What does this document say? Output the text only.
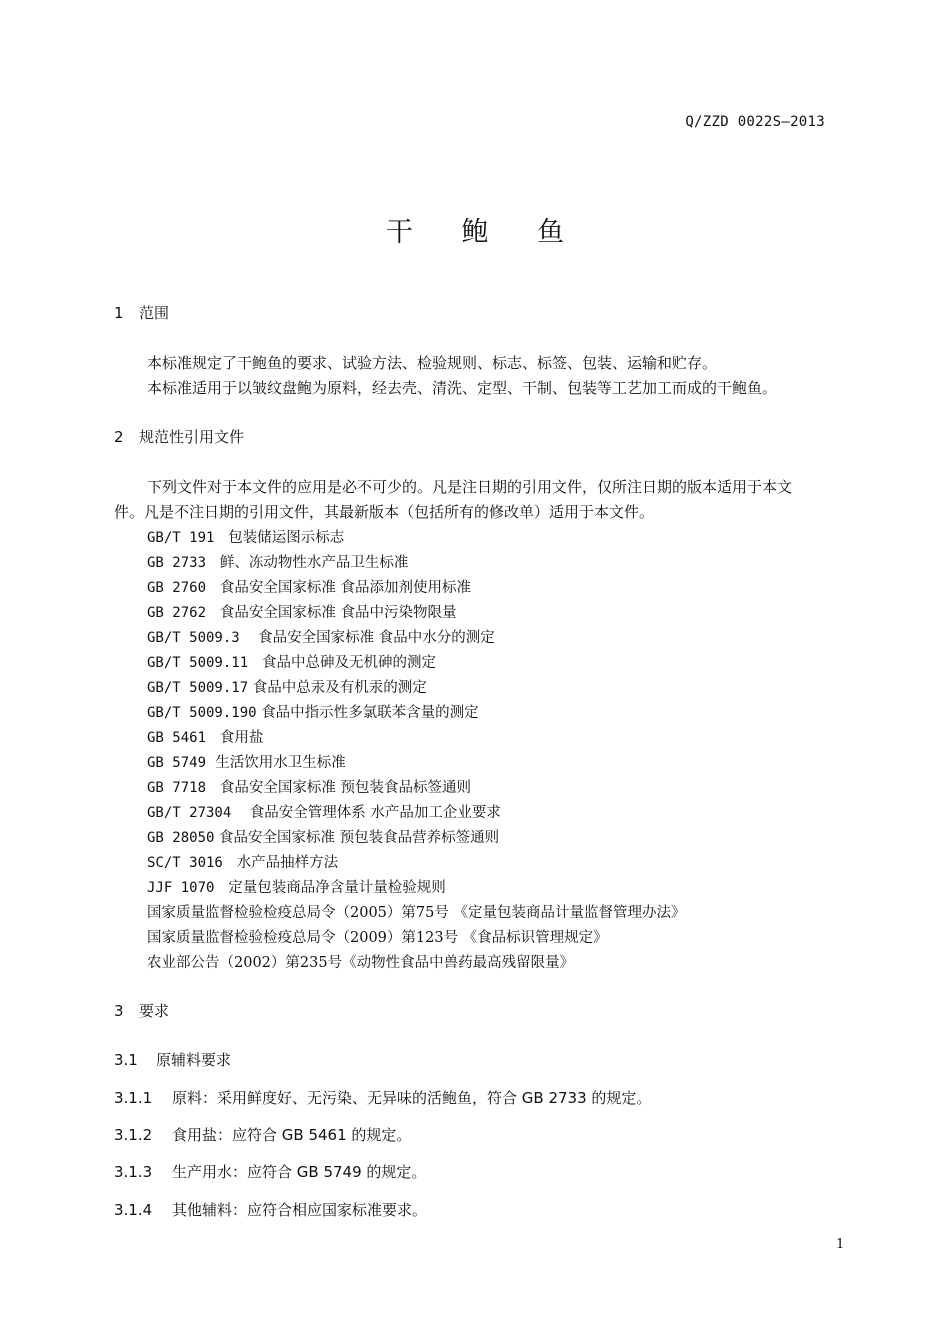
Q/ZZD 0022S—2013
干 鲍 鱼
1 范围
本标准规定了干鲍鱼的要求、试验方法、检验规则、标志、标签、包装、运输和贮存。
本标准适用于以皱纹盘鲍为原料，经去壳、清洗、定型、干制、包装等工艺加工而成的干鲍鱼。
2 规范性引用文件
下列文件对于本文件的应用是必不可少的。凡是注日期的引用文件，仅所注日期的版本适用于本文
件。凡是不注日期的引用文件，其最新版本（包括所有的修改单）适用于本文件。
GB/T 191 包装储运图示标志
GB 2733 鲜、冻动物性水产品卫生标准
GB 2760 食品安全国家标准 食品添加剂使用标准
GB 2762 食品安全国家标准 食品中污染物限量
GB/T 5009.3 食品安全国家标准 食品中水分的测定
GB/T 5009.11 食品中总砷及无机砷的测定
GB/T 5009.17 食品中总汞及有机汞的测定
GB/T 5009.190 食品中指示性多氯联苯含量的测定
GB 5461 食用盐
GB 5749 生活饮用水卫生标准
GB 7718 食品安全国家标准 预包装食品标签通则
GB/T 27304 食品安全管理体系 水产品加工企业要求
GB 28050 食品安全国家标准 预包装食品营养标签通则
SC/T 3016 水产品抽样方法
JJF 1070 定量包装商品净含量计量检验规则
国家质量监督检验检疫总局令（2005）第75号 《定量包装商品计量监督管理办法》
国家质量监督检验检疫总局令（2009）第123号 《食品标识管理规定》
农业部公告（2002）第235号《动物性食品中兽药最高残留限量》
3 要求
3.1 原辅料要求
3.1.1 原料：采用鲜度好、无污染、无异味的活鲍鱼，符合 GB 2733 的规定。
3.1.2 食用盐：应符合 GB 5461 的规定。
3.1.3 生产用水：应符合 GB 5749 的规定。
3.1.4 其他辅料：应符合相应国家标准要求。
1
